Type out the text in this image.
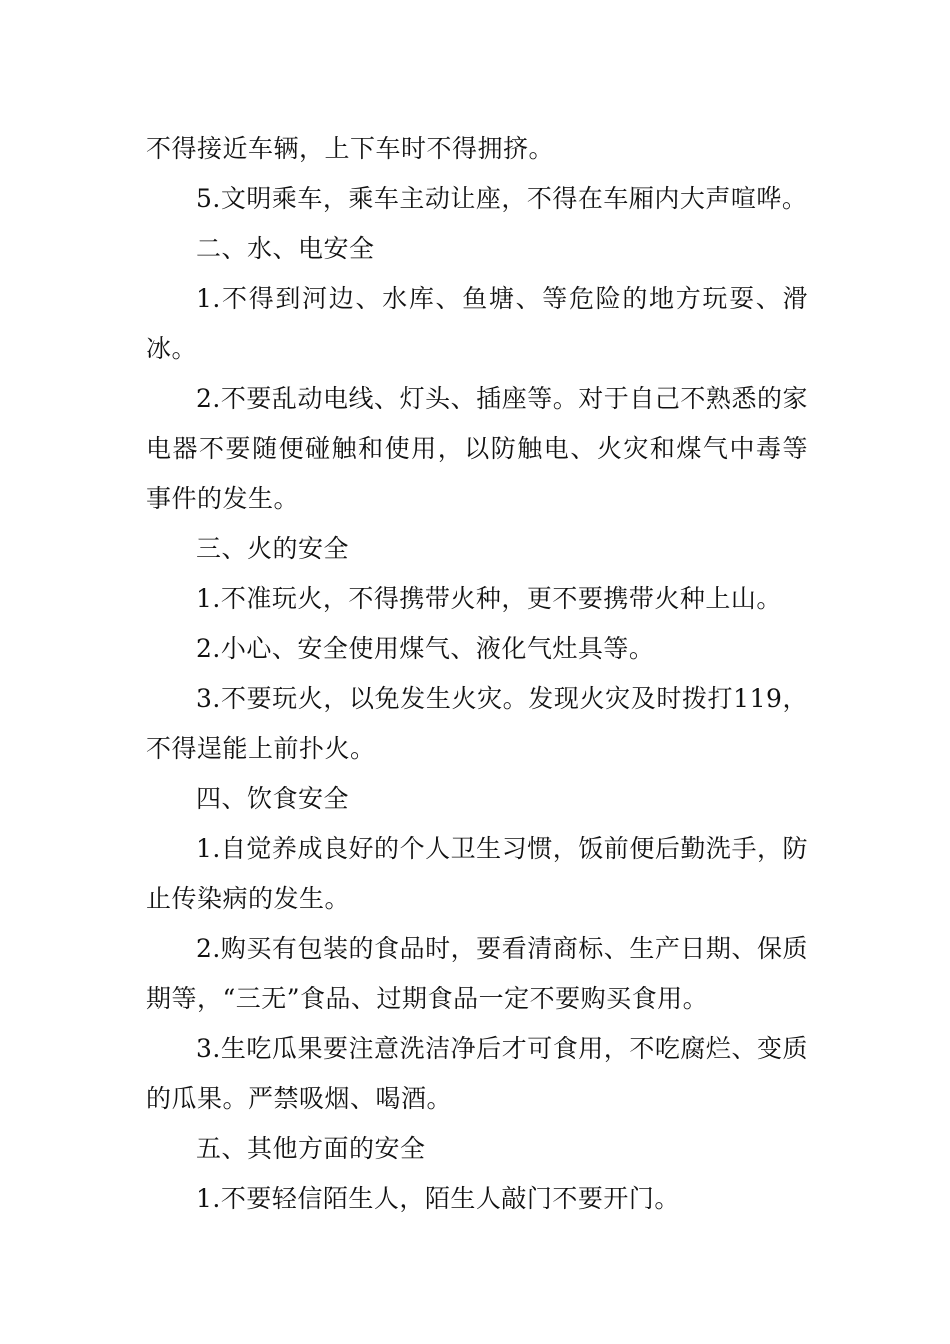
不得接近车辆，上下车时不得拥挤。

5.文明乘车，乘车主动让座，不得在车厢内大声喧哗。

二、水、电安全

1.不得到河边、水库、鱼塘、等危险的地方玩耍、滑冰。

2.不要乱动电线、灯头、插座等。对于自己不熟悉的家电器不要随便碰触和使用，以防触电、火灾和煤气中毒等事件的发生。

三、火的安全

1.不准玩火，不得携带火种，更不要携带火种上山。

2.小心、安全使用煤气、液化气灶具等。

3.不要玩火，以免发生火灾。发现火灾及时拨打119，不得逞能上前扑火。

四、饮食安全

1.自觉养成良好的个人卫生习惯，饭前便后勤洗手，防止传染病的发生。

2.购买有包装的食品时，要看清商标、生产日期、保质期等，“三无”食品、过期食品一定不要购买食用。

3.生吃瓜果要注意洗洁净后才可食用，不吃腐烂、变质的瓜果。严禁吸烟、喝酒。

五、其他方面的安全

1.不要轻信陌生人，陌生人敲门不要开门。
